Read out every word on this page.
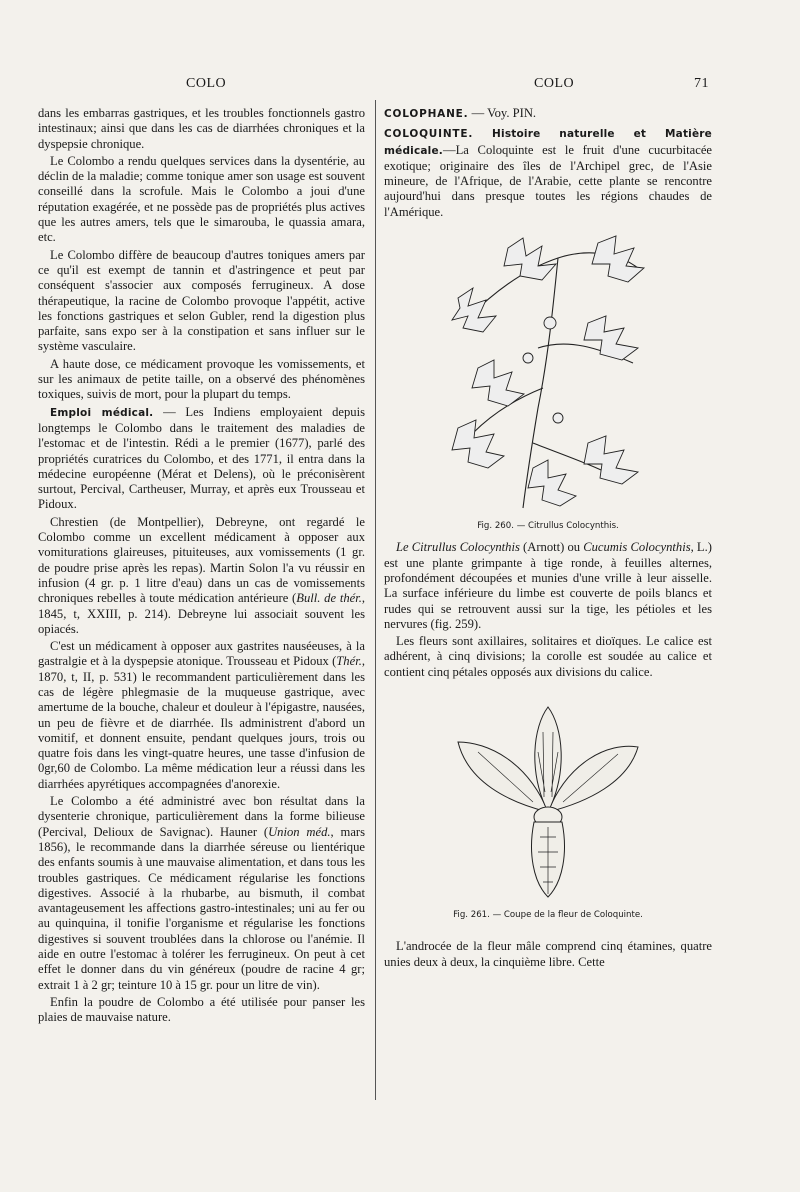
COLO	COLO	71

dans les embarras gastriques, et les troubles fonctionnels gastro intestinaux; ainsi que dans les cas de diarrhées chroniques et la dyspepsie chronique.

Le Colombo a rendu quelques services dans la dysentérie, au déclin de la maladie; comme tonique amer son usage est souvent conseillé dans la scrofule. Mais le Colombo a joui d'une réputation exagérée, et ne possède pas de propriétés plus actives que les autres amers, tels que le simarouba, le quassia amara, etc.

Le Colombo diffère de beaucoup d'autres toniques amers par ce qu'il est exempt de tannin et d'astringence et peut par conséquent s'associer aux composés ferrugineux. A dose thérapeutique, la racine de Colombo provoque l'appétit, active les fonctions gastriques et selon Gubler, rend la digestion plus parfaite, sans expo ser à la constipation et sans influer sur le système vasculaire.

A haute dose, ce médicament provoque les vomissements, et sur les animaux de petite taille, on a observé des phénomènes toxiques, suivis de mort, pour la plupart du temps.

Emploi médical. — Les Indiens employaient depuis longtemps le Colombo dans le traitement des maladies de l'estomac et de l'intestin. Rédi a le premier (1677), parlé des propriétés curatrices du Colombo, et des 1771, il entra dans la médecine européenne (Mérat et Delens), où le préconisèrent surtout, Percival, Cartheuser, Murray, et après eux Trousseau et Pidoux.

Chrestien (de Montpellier), Debreyne, ont regardé le Colombo comme un excellent médicament à opposer aux vomiturations glaireuses, pituiteuses, aux vomissements (1 gr. de poudre prise après les repas). Martin Solon l'a vu réussir en infusion (4 gr. p. 1 litre d'eau) dans un cas de vomissements chroniques rebelles à toute médication antérieure (Bull. de thér., 1845, t, XXIII, p. 214). Debreyne lui associait souvent les opiacés.

C'est un médicament à opposer aux gastrites nauséeuses, à la gastralgie et à la dyspepsie atonique. Trousseau et Pidoux (Thér., 1870, t, II, p. 531) le recommandent particulièrement dans les cas de légère phlegmasie de la muqueuse gastrique, avec amertume de la bouche, chaleur et douleur à l'épigastre, nausées, un peu de fièvre et de diarrhée. Ils administrent d'abord un vomitif, et donnent ensuite, pendant quelques jours, trois ou quatre fois dans les vingt-quatre heures, une tasse d'infusion de 0gr,60 de Colombo. La même médication leur a réussi dans les diarrhées apyrétiques accompagnées d'anorexie.

Le Colombo a été administré avec bon résultat dans la dysenterie chronique, particulièrement dans la forme bilieuse (Percival, Delioux de Savignac). Hauner (Union méd., mars 1856), le recommande dans la diarrhée séreuse ou lientérique des enfants soumis à une mauvaise alimentation, et dans tous les troubles gastriques. Ce médicament régularise les fonctions digestives. Associé à la rhubarbe, au bismuth, il combat avantageusement les affections gastro-intestinales; uni au fer ou au quinquina, il tonifie l'organisme et régularise les fonctions digestives si souvent troublées dans la chlorose ou l'anémie. Il aide en outre l'estomac à tolérer les ferrugineux. On peut à cet effet le donner dans du vin généreux (poudre de racine 4 gr; extrait 1 à 2 gr; teinture 10 à 15 gr. pour un litre de vin).

Enfin la poudre de Colombo a été utilisée pour panser les plaies de mauvaise nature.

COLOPHANE. — Voy. PIN.

COLOQUINTE. Histoire naturelle et Matière médicale.—La Coloquinte est le fruit d'une cucurbitacée exotique; originaire des îles de l'Archipel grec, de l'Asie mineure, de l'Afrique, de l'Arabie, cette plante se rencontre aujourd'hui dans presque toutes les régions chaudes de l'Amérique.

Fig. 260. — Citrullus Colocynthis.

Le Citrullus Colocynthis (Arnott) ou Cucumis Colocynthis, L.) est une plante grimpante à tige ronde, à feuilles alternes, profondément découpées et munies d'une vrille à leur aisselle. La surface inférieure du limbe est couverte de poils blancs et rudes qui se retrouvent aussi sur la tige, les pétioles et les nervures (fig. 259).

Les fleurs sont axillaires, solitaires et dioïques. Le calice est adhérent, à cinq divisions; la corolle est soudée au calice et contient cinq pétales opposés aux divisions du calice.

Fig. 261. — Coupe de la fleur de Coloquinte.

L'androcée de la fleur mâle comprend cinq étamines, quatre unies deux à deux, la cinquième libre. Cette
